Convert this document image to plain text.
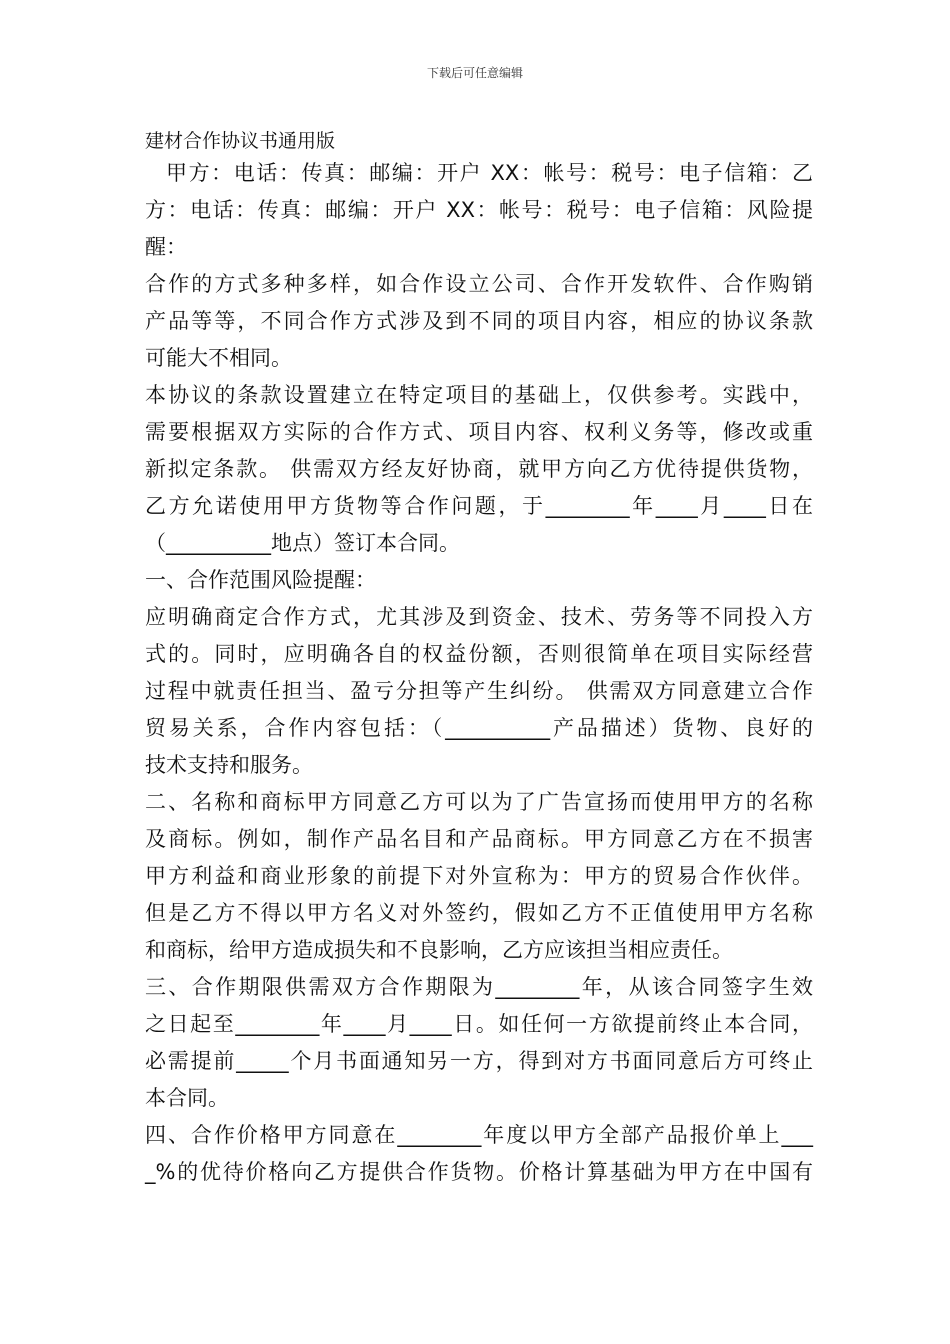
下载后可任意编辑
建材合作协议书通用版
甲方：电话：传真：邮编：开户 XX：帐号：税号：电子信箱：乙
方：电话：传真：邮编：开户 XX：帐号：税号：电子信箱：风险提
醒：
合作的方式多种多样，如合作设立公司、合作开发软件、合作购销
产品等等，不同合作方式涉及到不同的项目内容，相应的协议条款
可能大不相同。
本协议的条款设置建立在特定项目的基础上，仅供参考。实践中，
需要根据双方实际的合作方式、项目内容、权利义务等，修改或重
新拟定条款。 供需双方经友好协商，就甲方向乙方优待提供货物，
乙方允诺使用甲方货物等合作问题，于________年____月____日在
（__________地点）签订本合同。
一、合作范围风险提醒：
应明确商定合作方式，尤其涉及到资金、技术、劳务等不同投入方
式的。同时，应明确各自的权益份额，否则很简单在项目实际经营
过程中就责任担当、盈亏分担等产生纠纷。 供需双方同意建立合作
贸易关系，合作内容包括：（__________产品描述）货物、良好的
技术支持和服务。
二、名称和商标甲方同意乙方可以为了广告宣扬而使用甲方的名称
及商标。例如，制作产品名目和产品商标。甲方同意乙方在不损害
甲方利益和商业形象的前提下对外宣称为：甲方的贸易合作伙伴。
但是乙方不得以甲方名义对外签约，假如乙方不正值使用甲方名称
和商标，给甲方造成损失和不良影响，乙方应该担当相应责任。
三、合作期限供需双方合作期限为________年，从该合同签字生效
之日起至________年____月____日。如任何一方欲提前终止本合同，
必需提前_____个月书面通知另一方，得到对方书面同意后方可终止
本合同。
四、合作价格甲方同意在________年度以甲方全部产品报价单上___
_%的优待价格向乙方提供合作货物。价格计算基础为甲方在中国有
